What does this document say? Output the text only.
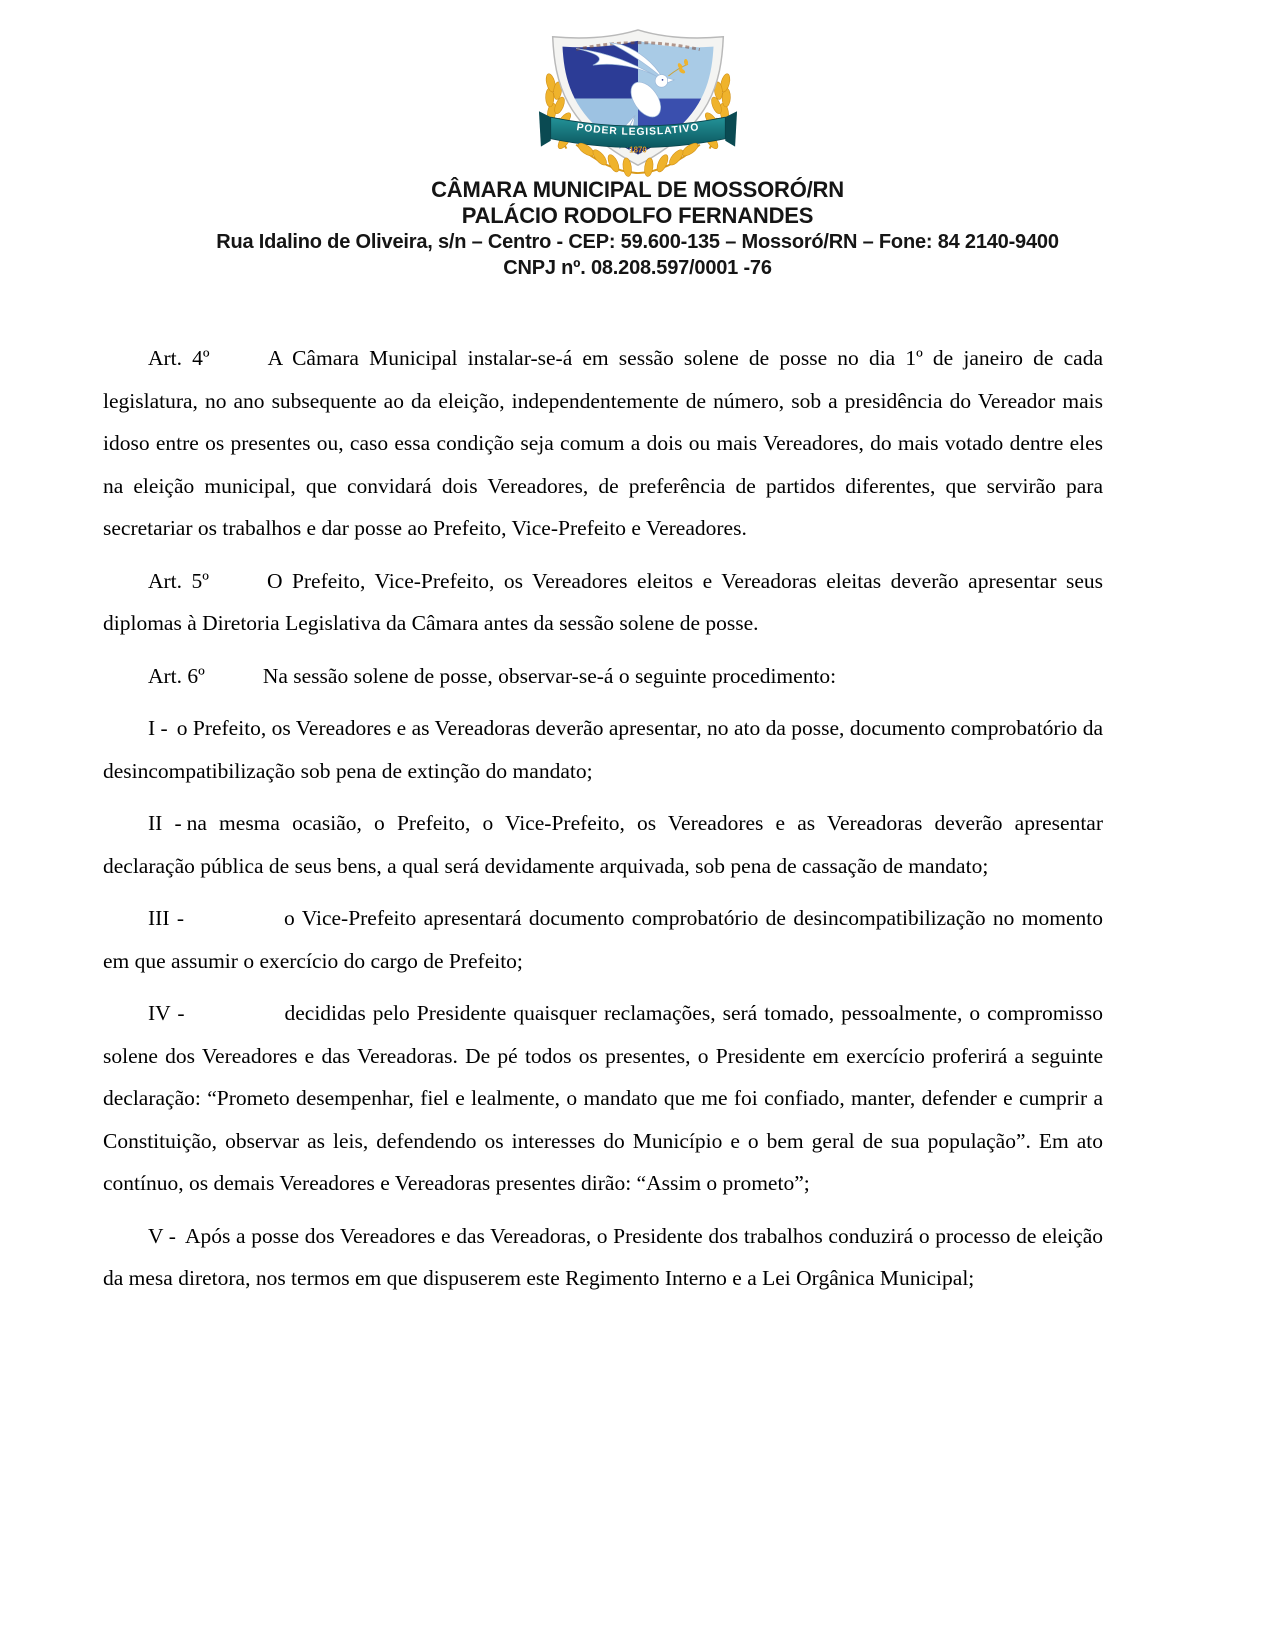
PODER LEGISLATIVO
1870
CÂMARA MUNICIPAL DE MOSSORÓ/RN
PALÁCIO RODOLFO FERNANDES
Rua Idalino de Oliveira, s/n – Centro - CEP: 59.600-135 – Mossoró/RN – Fone: 84 2140-9400
CNPJ nº. 08.208.597/0001 -76

Art. 4º	A Câmara Municipal instalar-se-á em sessão solene de posse no dia 1º de janeiro de cada legislatura, no ano subsequente ao da eleição, independentemente de número, sob a presidência do Vereador mais idoso entre os presentes ou, caso essa condição seja comum a dois ou mais Vereadores, do mais votado dentre eles na eleição municipal, que convidará dois Vereadores, de preferência de partidos diferentes, que servirão para secretariar os trabalhos e dar posse ao Prefeito, Vice-Prefeito e Vereadores.

Art. 5º	O Prefeito, Vice-Prefeito, os Vereadores eleitos e Vereadoras eleitas deverão apresentar seus diplomas à Diretoria Legislativa da Câmara antes da sessão solene de posse.

Art. 6º	Na sessão solene de posse, observar-se-á o seguinte procedimento:

I - o Prefeito, os Vereadores e as Vereadoras deverão apresentar, no ato da posse, documento comprobatório da desincompatibilização sob pena de extinção do mandato;

II - na mesma ocasião, o Prefeito, o Vice-Prefeito, os Vereadores e as Vereadoras deverão apresentar declaração pública de seus bens, a qual será devidamente arquivada, sob pena de cassação de mandato;

III -	o Vice-Prefeito apresentará documento comprobatório de desincompatibilização no momento em que assumir o exercício do cargo de Prefeito;

IV -	decididas pelo Presidente quaisquer reclamações, será tomado, pessoalmente, o compromisso solene dos Vereadores e das Vereadoras. De pé todos os presentes, o Presidente em exercício proferirá a seguinte declaração: “Prometo desempenhar, fiel e lealmente, o mandato que me foi confiado, manter, defender e cumprir a Constituição, observar as leis, defendendo os interesses do Município e o bem geral de sua população”. Em ato contínuo, os demais Vereadores e Vereadoras presentes dirão: “Assim o prometo”;

V - Após a posse dos Vereadores e das Vereadoras, o Presidente dos trabalhos conduzirá o processo de eleição da mesa diretora, nos termos em que dispuserem este Regimento Interno e a Lei Orgânica Municipal;
